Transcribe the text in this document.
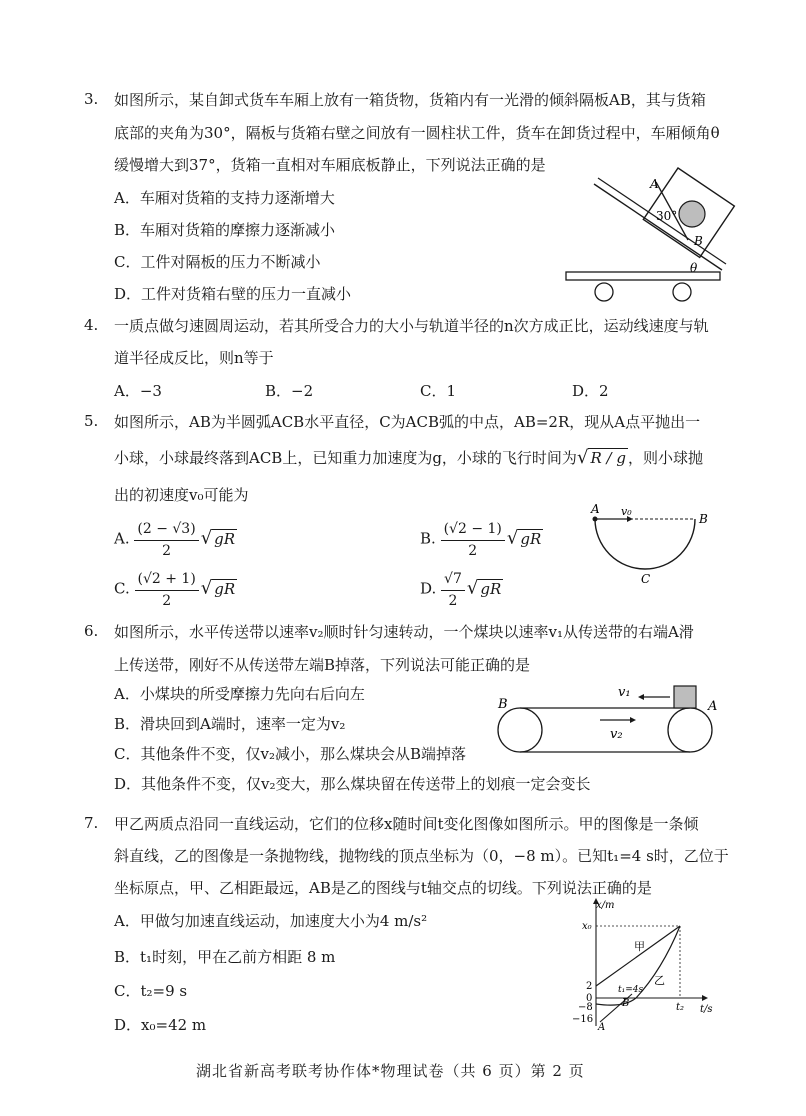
3. 如图所示，某自卸式货车车厢上放有一箱货物，货箱内有一光滑的倾斜隔板AB，其与货箱
底部的夹角为30°，隔板与货箱右壁之间放有一圆柱状工件，货车在卸货过程中，车厢倾角θ
缓慢增大到37°，货箱一直相对车厢底板静止，下列说法正确的是
A．车厢对货箱的支持力逐渐增大
B．车厢对货箱的摩擦力逐渐减小
C．工件对隔板的压力不断减小
D．工件对货箱右壁的压力一直减小
A
B
30°
θ
4. 一质点做匀速圆周运动，若其所受合力的大小与轨道半径的n次方成正比，运动线速度与轨
道半径成反比，则n等于
A．−3	B．−2	C．1	D．2
5. 如图所示，AB为半圆弧ACB水平直径，C为ACB弧的中点，AB=2R，现从A点平抛出一
小球，小球最终落到ACB上，已知重力加速度为g，小球的飞行时间为√ R / g ，则小球抛
出的初速度v₀可能为
A. $\frac{(2 - √3)}{2}$ √ gR	B. $\frac{(√2 - 1)}{2}$ √ gR
C. $\frac{(√2 + 1)}{2}$ √ gR	D. $\frac{√7}{2}$ √ gR
A
B
C
v₀
6. 如图所示，水平传送带以速率v₂顺时针匀速转动，一个煤块以速率v₁从传送带的右端A滑
上传送带，刚好不从传送带左端B掉落，下列说法可能正确的是
A．小煤块的所受摩擦力先向右后向左
B．滑块回到A端时，速率一定为v₂
C．其他条件不变，仅v₂减小，那么煤块会从B端掉落
D．其他条件不变，仅v₂变大，那么煤块留在传送带上的划痕一定会变长
B	A
v₁
v₂
7. 甲乙两质点沿同一直线运动，它们的位移x随时间t变化图像如图所示。甲的图像是一条倾
斜直线，乙的图像是一条抛物线，抛物线的顶点坐标为（0，−8 m）。已知t₁=4 s时，乙位于
坐标原点，甲、乙相距最远，AB是乙的图线与t轴交点的切线。下列说法正确的是
A．甲做匀加速直线运动，加速度大小为4 m/s²
B．t₁时刻，甲在乙前方相距 8 m
C．t₂=9 s
D．x₀=42 m
x/m
t/s
x₀
2
0
−8
−16
甲
乙
t₁=4s
t₂
A
B
湖北省新高考联考协作体*物理试卷（共 6 页）第 2 页
